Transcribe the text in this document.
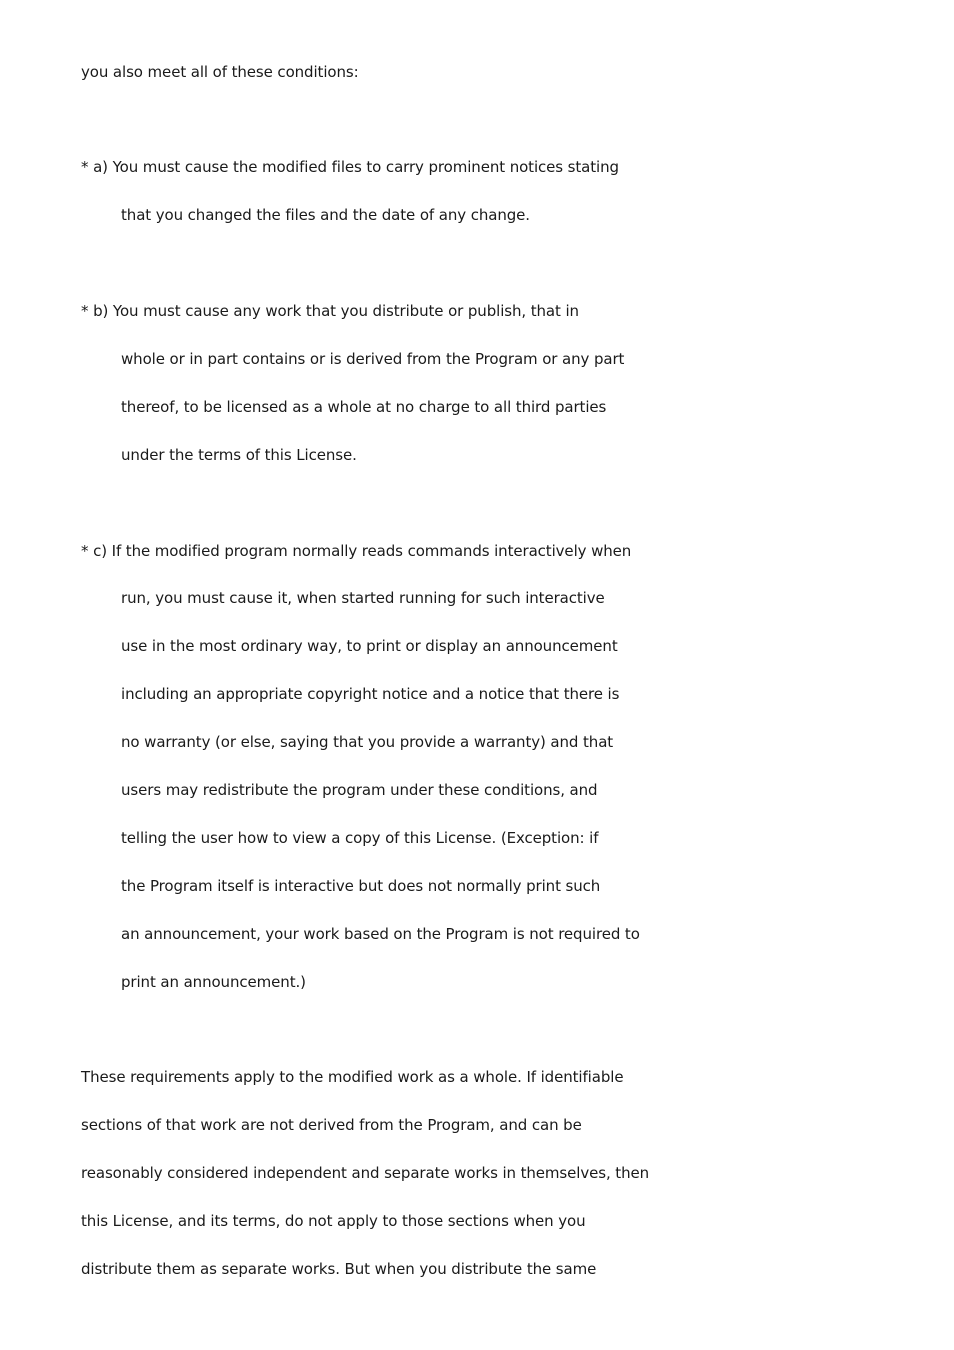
you also meet all of these conditions:
* a) You must cause the modified files to carry prominent notices stating
that you changed the files and the date of any change.
* b) You must cause any work that you distribute or publish, that in
whole or in part contains or is derived from the Program or any part
thereof, to be licensed as a whole at no charge to all third parties
under the terms of this License.
* c) If the modified program normally reads commands interactively when
run, you must cause it, when started running for such interactive
use in the most ordinary way, to print or display an announcement
including an appropriate copyright notice and a notice that there is
no warranty (or else, saying that you provide a warranty) and that
users may redistribute the program under these conditions, and
telling the user how to view a copy of this License. (Exception: if
the Program itself is interactive but does not normally print such
an announcement, your work based on the Program is not required to
print an announcement.)
These requirements apply to the modified work as a whole. If identifiable
sections of that work are not derived from the Program, and can be
reasonably considered independent and separate works in themselves, then
this License, and its terms, do not apply to those sections when you
distribute them as separate works. But when you distribute the same
